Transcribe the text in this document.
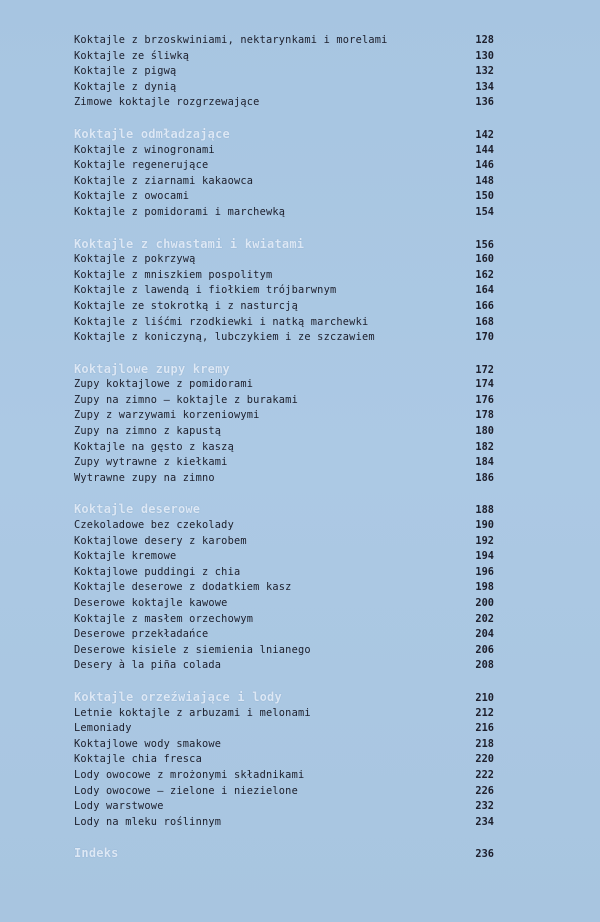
Koktajle z brzoskwiniami, nektarynkami i morelami	128
Koktajle ze śliwką	130
Koktajle z pigwą	132
Koktajle z dynią	134
Zimowe koktajle rozgrzewające	136
Koktajle odmładzające	142
Koktajle z winogronami	144
Koktajle regenerujące	146
Koktajle z ziarnami kakaowca	148
Koktajle z owocami	150
Koktajle z pomidorami i marchewką	154
Koktajle z chwastami i kwiatami	156
Koktajle z pokrzywą	160
Koktajle z mniszkiem pospolitym	162
Koktajle z lawendą i fiołkiem trójbarwnym	164
Koktajle ze stokrotką i z nasturcją	166
Koktajle z liśćmi rzodkiewki i natką marchewki	168
Koktajle z koniczyną, lubczykiem i ze szczawiem	170
Koktajlowe zupy kremy	172
Zupy koktajlowe z pomidorami	174
Zupy na zimno – koktajle z burakami	176
Zupy z warzywami korzeniowymi	178
Zupy na zimno z kapustą	180
Koktajle na gęsto z kaszą	182
Zupy wytrawne z kiełkami	184
Wytrawne zupy na zimno	186
Koktajle deserowe	188
Czekoladowe bez czekolady	190
Koktajlowe desery z karobem	192
Koktajle kremowe	194
Koktajlowe puddingi z chia	196
Koktajle deserowe z dodatkiem kasz	198
Deserowe koktajle kawowe	200
Koktajle z masłem orzechowym	202
Deserowe przekładańce	204
Deserowe kisiele z siemienia lnianego	206
Desery à la piña colada	208
Koktajle orzeźwiające i lody	210
Letnie koktajle z arbuzami i melonami	212
Lemoniady	216
Koktajlowe wody smakowe	218
Koktajle chia fresca	220
Lody owocowe z mrożonymi składnikami	222
Lody owocowe – zielone i niezielone	226
Lody warstwowe	232
Lody na mleku roślinnym	234
Indeks	236
